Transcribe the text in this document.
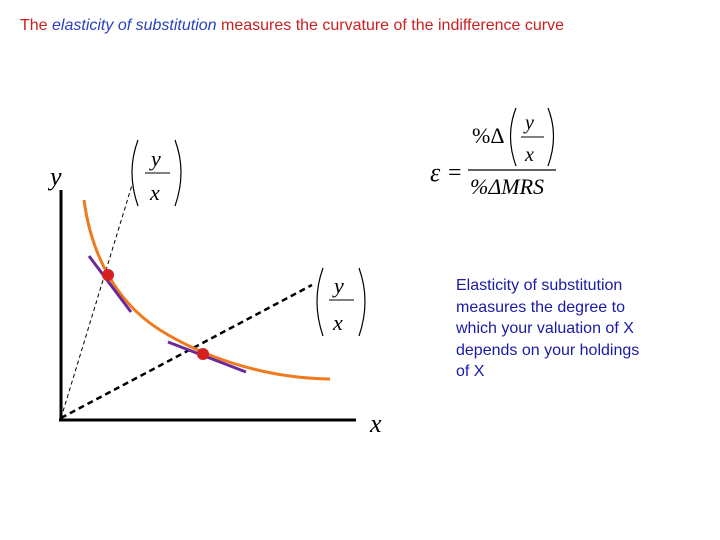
The elasticity of substitution measures the curvature of the indifference curve
y
x
y
x
y
x
ε =
%Δ y
x
%ΔMRS
Elasticity of substitution measures the degree to which your valuation of X depends on your holdings of X
